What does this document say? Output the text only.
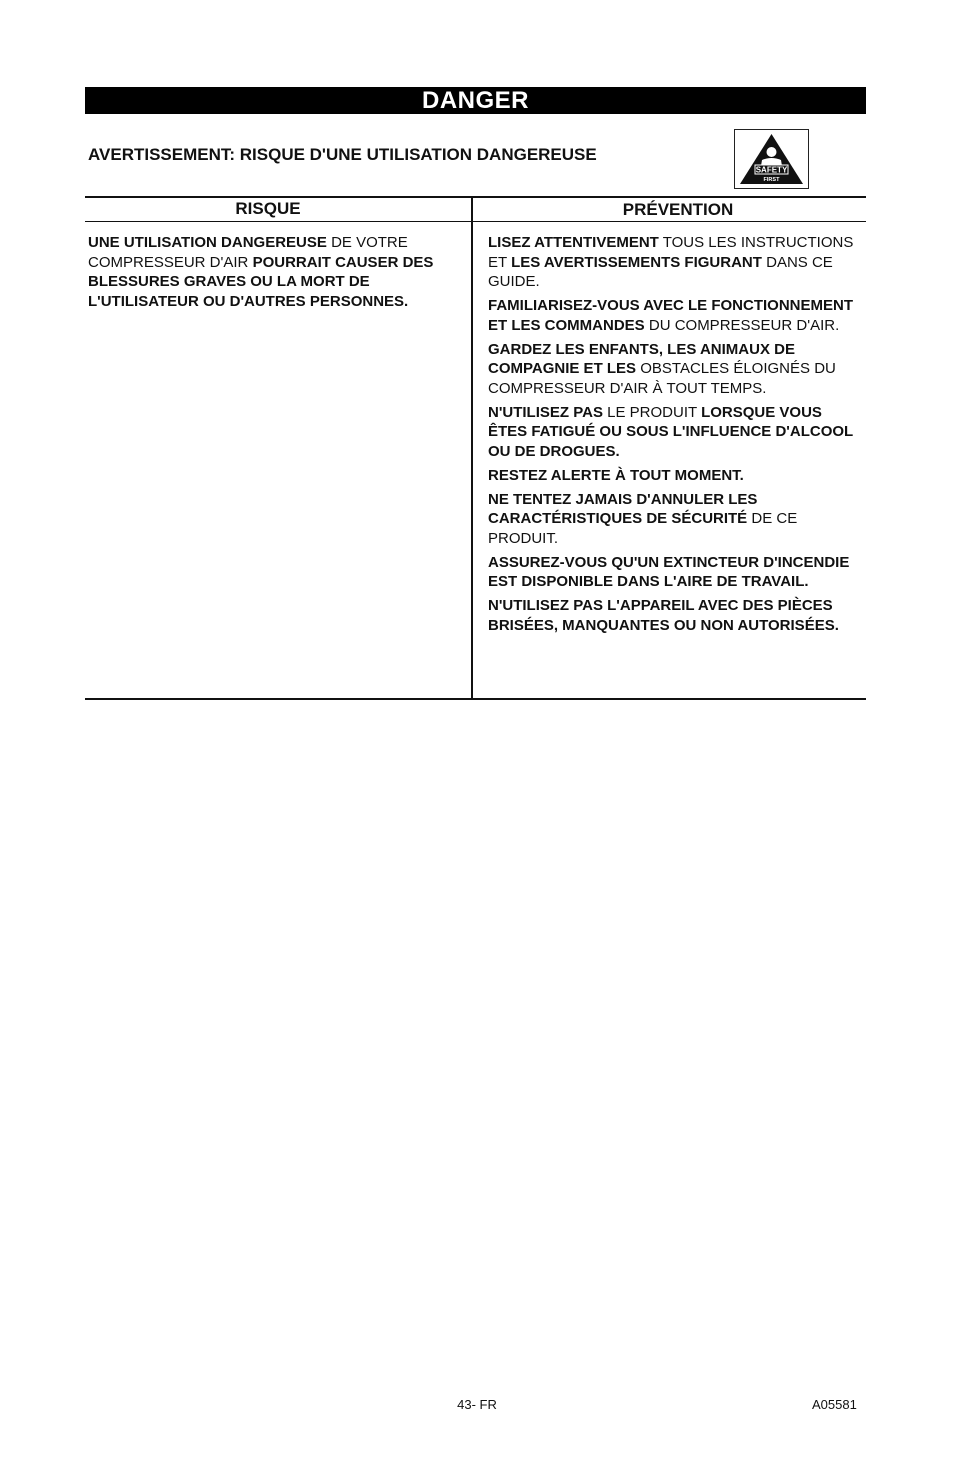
DANGER
AVERTISSEMENT: RISQUE D'UNE UTILISATION DANGEREUSE
SAFETY
FIRST
RISQUE	PRÉVENTION
UNE UTILISATION DANGEREUSE DE VOTRE COMPRESSEUR D'AIR POURRAIT CAUSER DES BLESSURES GRAVES OU LA MORT DE L'UTILISATEUR OU D'AUTRES PERSONNES.
LISEZ ATTENTIVEMENT TOUS LES INSTRUCTIONS ET LES AVERTISSEMENTS FIGURANT DANS CE GUIDE.
FAMILIARISEZ-VOUS AVEC LE FONCTIONNEMENT ET LES COMMANDES DU COMPRESSEUR D'AIR.
GARDEZ LES ENFANTS, LES ANIMAUX DE COMPAGNIE ET LES OBSTACLES ÉLOIGNÉS DU COMPRESSEUR D'AIR À TOUT TEMPS.
N'UTILISEZ PAS LE PRODUIT LORSQUE VOUS ÊTES FATIGUÉ OU SOUS L'INFLUENCE D'ALCOOL OU DE DROGUES.
RESTEZ ALERTE À TOUT MOMENT.
NE TENTEZ JAMAIS D'ANNULER LES CARACTÉRISTIQUES DE SÉCURITÉ DE CE PRODUIT.
ASSUREZ-VOUS QU'UN EXTINCTEUR D'INCENDIE EST DISPONIBLE DANS L'AIRE DE TRAVAIL.
N'UTILISEZ PAS L'APPAREIL AVEC DES PIÈCES BRISÉES, MANQUANTES OU NON AUTORISÉES.
43- FR	A05581
